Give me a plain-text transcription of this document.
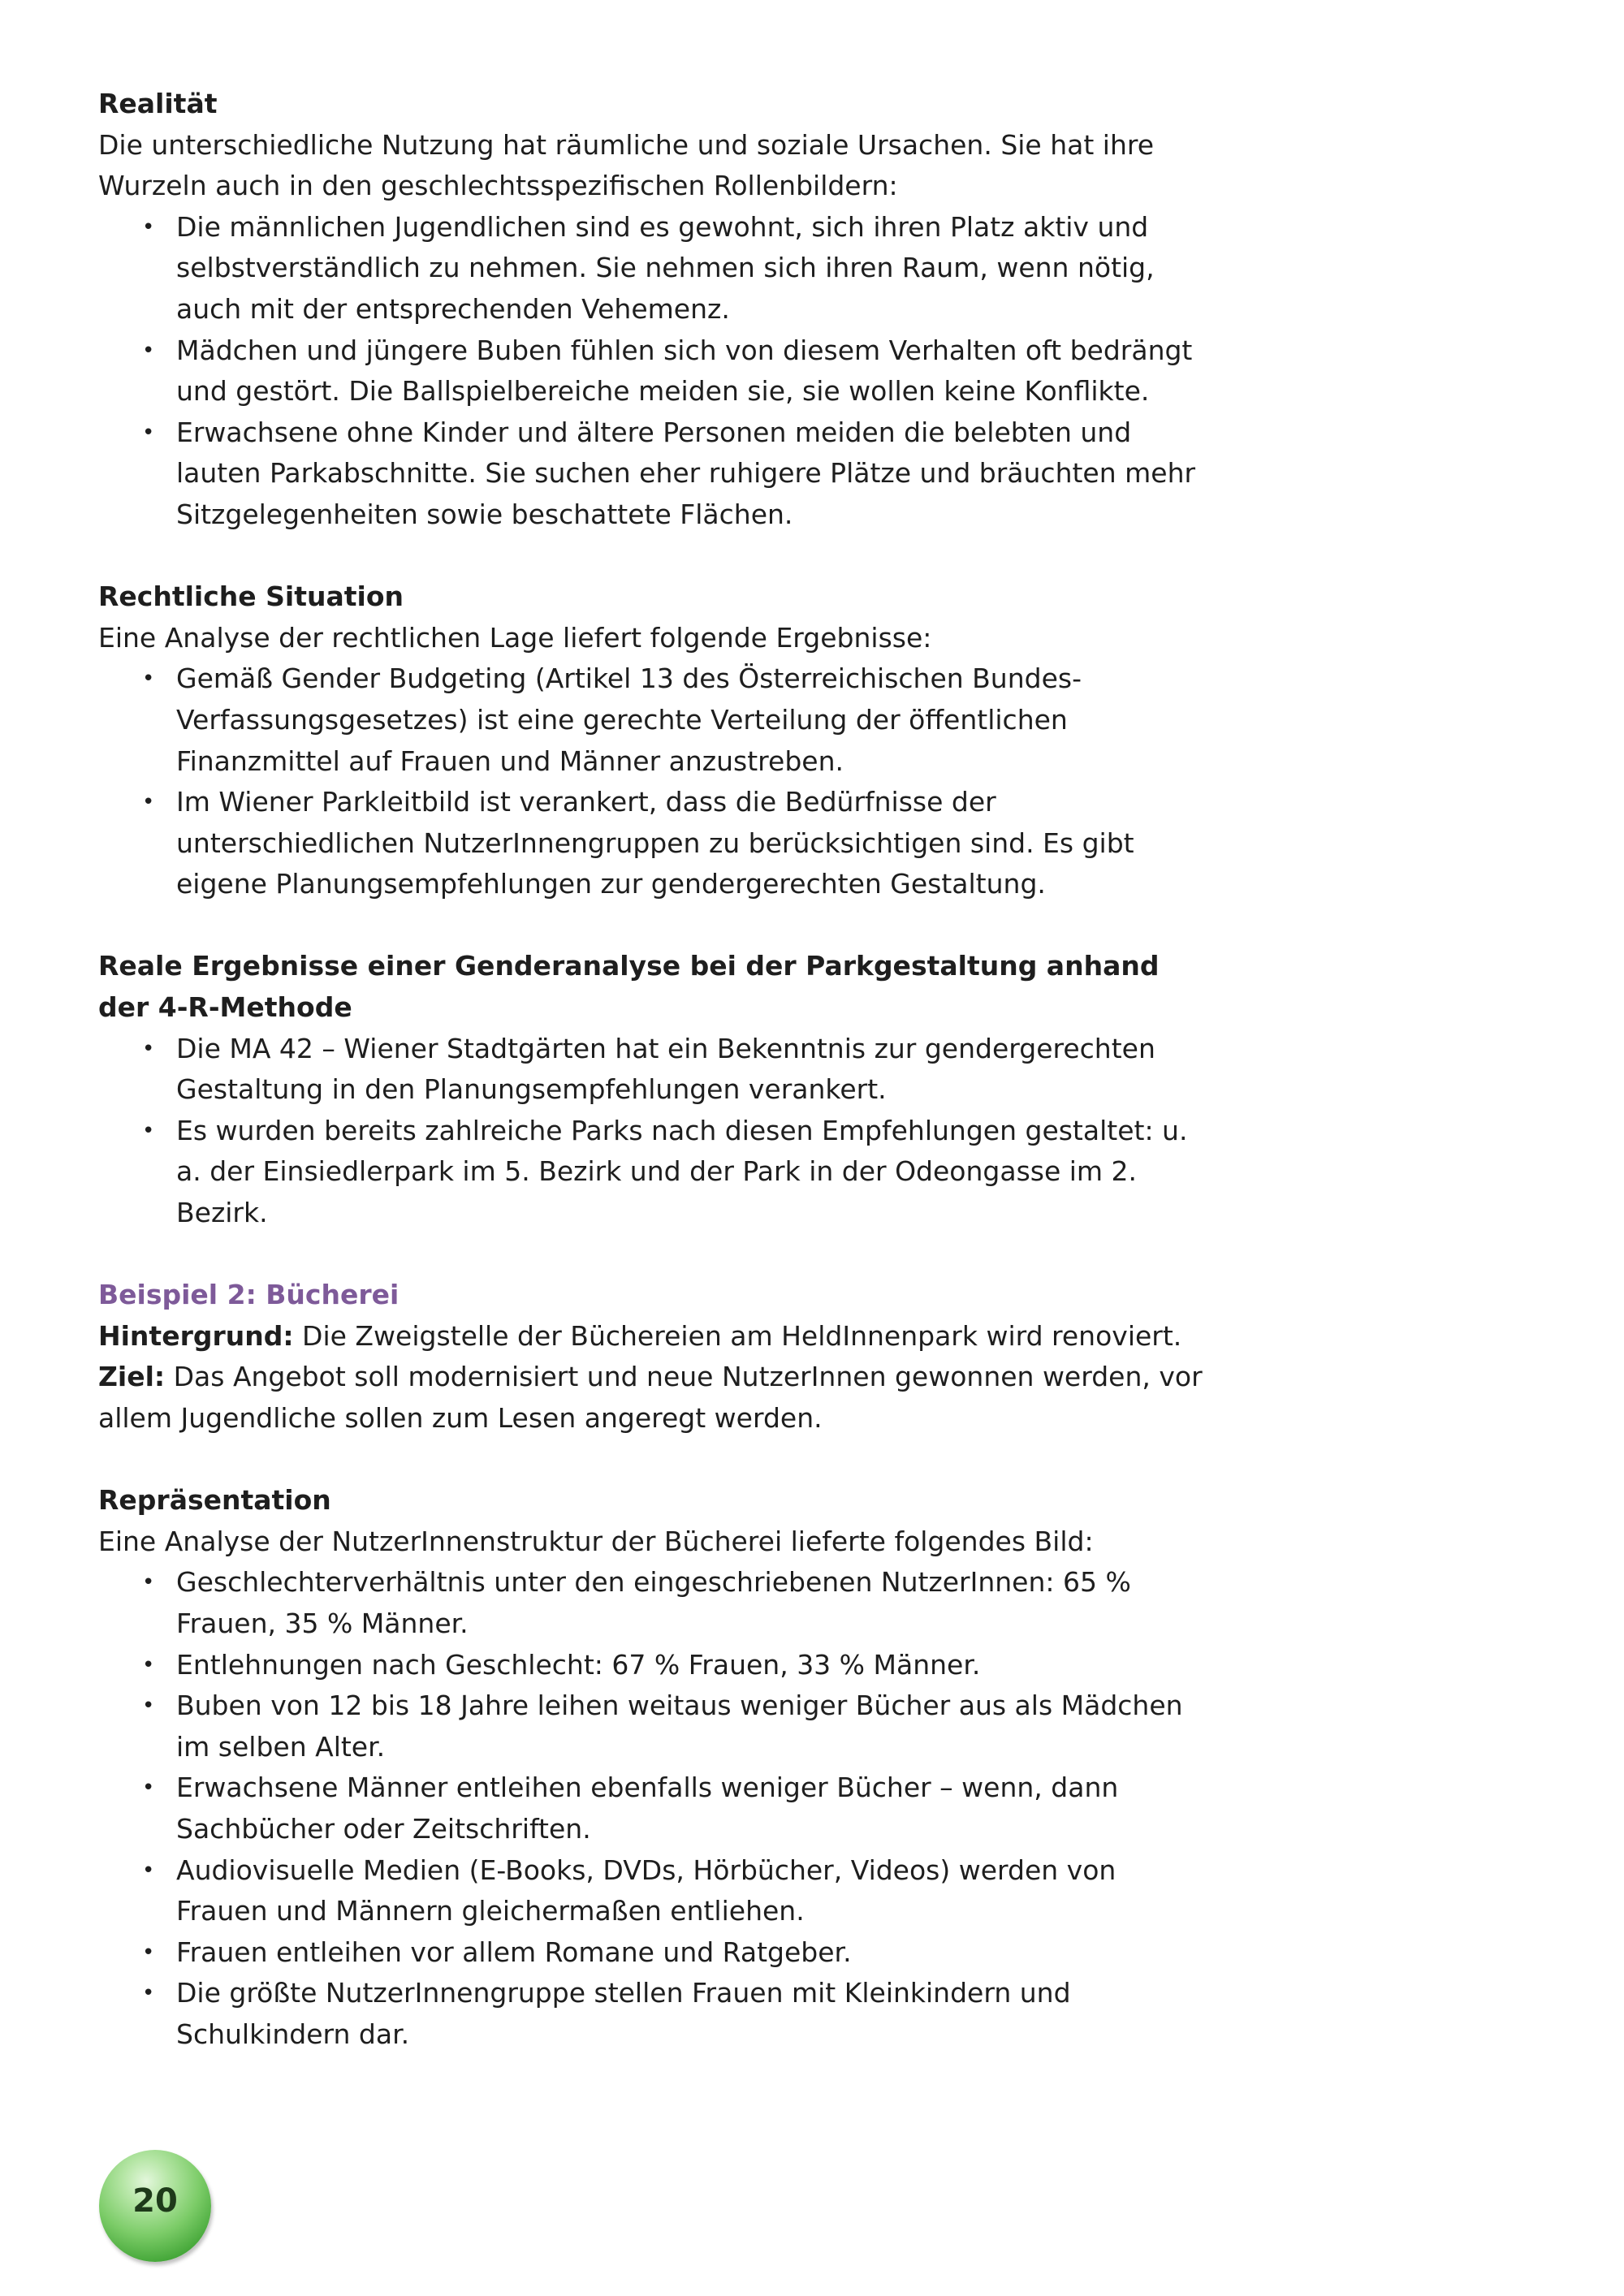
Realität
Die unterschiedliche Nutzung hat räumliche und soziale Ursachen. Sie hat ihre Wurzeln auch in den geschlechtsspezifischen Rollenbildern:
• Die männlichen Jugendlichen sind es gewohnt, sich ihren Platz aktiv und selbstverständlich zu nehmen. Sie nehmen sich ihren Raum, wenn nötig, auch mit der entsprechenden Vehemenz.
• Mädchen und jüngere Buben fühlen sich von diesem Verhalten oft bedrängt und gestört. Die Ballspielbereiche meiden sie, sie wollen keine Konflikte.
• Erwachsene ohne Kinder und ältere Personen meiden die belebten und lauten Parkabschnitte. Sie suchen eher ruhigere Plätze und bräuchten mehr Sitzgelegenheiten sowie beschattete Flächen.
Rechtliche Situation
Eine Analyse der rechtlichen Lage liefert folgende Ergebnisse:
• Gemäß Gender Budgeting (Artikel 13 des Österreichischen Bundes-Verfassungsgesetzes) ist eine gerechte Verteilung der öffentlichen Finanzmittel auf Frauen und Männer anzustreben.
• Im Wiener Parkleitbild ist verankert, dass die Bedürfnisse der unterschiedlichen NutzerInnengruppen zu berücksichtigen sind. Es gibt eigene Planungsempfehlungen zur gendergerechten Gestaltung.
Reale Ergebnisse einer Genderanalyse bei der Parkgestaltung anhand der 4-R-Methode
• Die MA 42 – Wiener Stadtgärten hat ein Bekenntnis zur gendergerechten Gestaltung in den Planungsempfehlungen verankert.
• Es wurden bereits zahlreiche Parks nach diesen Empfehlungen gestaltet: u. a. der Einsiedlerpark im 5. Bezirk und der Park in der Odeongasse im 2. Bezirk.
Beispiel 2: Bücherei
Hintergrund: Die Zweigstelle der Büchereien am HeldInnenpark wird renoviert.
Ziel: Das Angebot soll modernisiert und neue NutzerInnen gewonnen werden, vor allem Jugendliche sollen zum Lesen angeregt werden.
Repräsentation
Eine Analyse der NutzerInnenstruktur der Bücherei lieferte folgendes Bild:
• Geschlechterverhältnis unter den eingeschriebenen NutzerInnen: 65 % Frauen, 35 % Männer.
• Entlehnungen nach Geschlecht: 67 % Frauen, 33 % Männer.
• Buben von 12 bis 18 Jahre leihen weitaus weniger Bücher aus als Mädchen im selben Alter.
• Erwachsene Männer entleihen ebenfalls weniger Bücher – wenn, dann Sachbücher oder Zeitschriften.
• Audiovisuelle Medien (E-Books, DVDs, Hörbücher, Videos) werden von Frauen und Männern gleichermaßen entliehen.
• Frauen entleihen vor allem Romane und Ratgeber.
• Die größte NutzerInnengruppe stellen Frauen mit Kleinkindern und Schulkindern dar.
20
